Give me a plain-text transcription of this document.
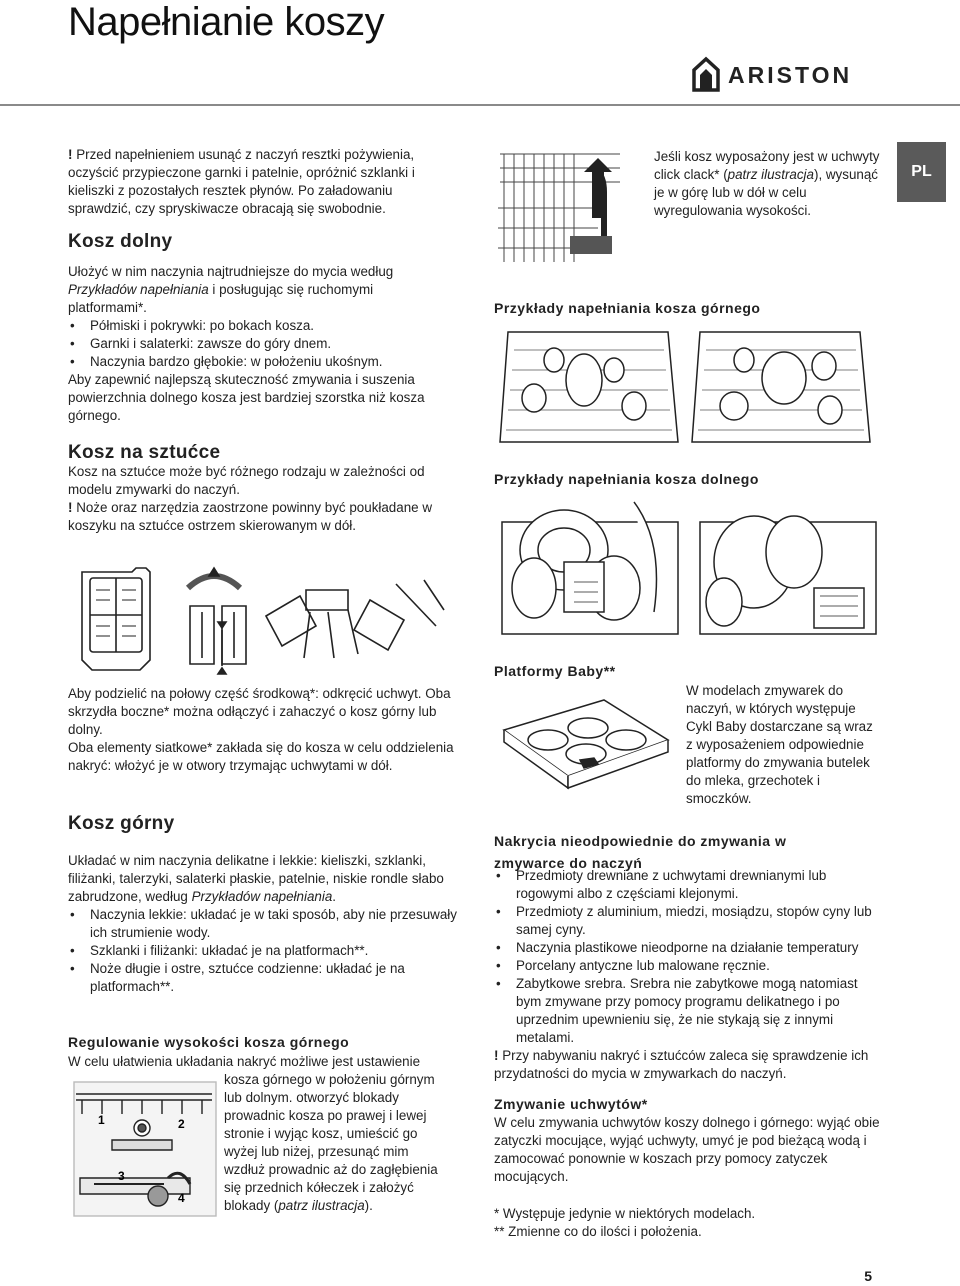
Napełnianie koszy
ARISTON
PL
! Przed napełnieniem usunąć z naczyń resztki pożywienia, oczyścić przypieczone garnki i patelnie, opróżnić szklanki i kieliszki z pozostałych resztek płynów. Po załadowaniu sprawdzić, czy spryskiwacze obracają się swobodnie.
Kosz dolny

Ułożyć w nim naczynia najtrudniejsze do mycia według Przykładów napełniania i posługując się ruchomymi platformami*.

• Półmiski i pokrywki: po bokach kosza.
• Garnki i salaterki: zawsze do góry dnem.
• Naczynia bardzo głębokie: w położeniu ukośnym.

Aby zapewnić najlepszą skuteczność zmywania i suszenia powierzchnia dolnego kosza jest bardziej szorstka niż kosza górnego.

Kosz na sztućce

Kosz na sztućce może być różnego rodzaju w zależności od modelu zmywarki do naczyń.

! Noże oraz narzędzia zaostrzone powinny być poukładane w koszyku na sztućce ostrzem skierowanym w dół.

Aby podzielić na połowy część środkową*: odkręcić uchwyt. Oba skrzydła boczne* można odłączyć i zahaczyć o kosz górny lub dolny.

Oba elementy siatkowe* zakłada się do kosza w celu oddzielenia nakryć: włożyć je w otwory trzymając uchwytami w dół.

Kosz górny

Układać w nim naczynia delikatne i lekkie: kieliszki, szklanki, filiżanki, talerzyki, salaterki płaskie, patelnie, niskie rondle słabo zabrudzone, według Przykładów napełniania.

• Naczynia lekkie: układać je w taki sposób, aby nie przesuwały ich strumienie wody.
• Szklanki i filiżanki: układać je na platformach**.
• Noże długie i ostre, sztućce codzienne: układać je na platformach**.
Regulowanie wysokości kosza górnego
W celu ułatwienia układania nakryć możliwe jest ustawienie
kosza górnego w położeniu górnym lub dolnym. otworzyć blokady prowadnic kosza po prawej i lewej stronie i wyjąc kosz, umieścić go wyżej lub niżej, przesunąć mim wzdłuż prowadnic aż do zagłębienia się przednich kółeczek i założyć blokady (patrz ilustracja).
1	2
3
4
Jeśli kosz wyposażony jest w uchwyty click clack* (patrz ilustracja), wysunąć je w górę lub w dół w celu wyregulowania wysokości.
Przykłady napełniania kosza górnego
Przykłady napełniania kosza dolnego
Platformy Baby**
W modelach zmywarek do naczyń, w których występuje Cykl Baby dostarczane są wraz z wyposażeniem odpowiednie platformy do zmywania butelek do mleka, grzechotek i smoczków.
Nakrycia nieodpowiednie do zmywania w zmywarce do naczyń
• Przedmioty drewniane z uchwytami drewnianymi lub rogowymi albo z częściami klejonymi.
• Przedmioty z aluminium, miedzi, mosiądzu, stopów cyny lub samej cyny.
• Naczynia plastikowe nieodporne na działanie temperatury
• Porcelany antyczne lub malowane ręcznie.
• Zabytkowe srebra. Srebra nie zabytkowe mogą natomiast bym zmywane przy pomocy programu delikatnego i po uprzednim upewnieniu się, że nie stykają się z innymi metalami.

! Przy nabywaniu nakryć i sztućców zaleca się sprawdzenie ich przydatności do mycia w zmywarkach do naczyń.

Zmywanie uchwytów*
W celu zmywania uchwytów koszy dolnego i górnego: wyjąć obie zatyczki mocujące, wyjąć uchwyty, umyć je pod bieżącą wodą i zamocować ponownie w koszach przy pomocy zatyczek mocujących.

* Występuje jedynie w niektórych modelach.

** Zmienne co do ilości i położenia.

5
